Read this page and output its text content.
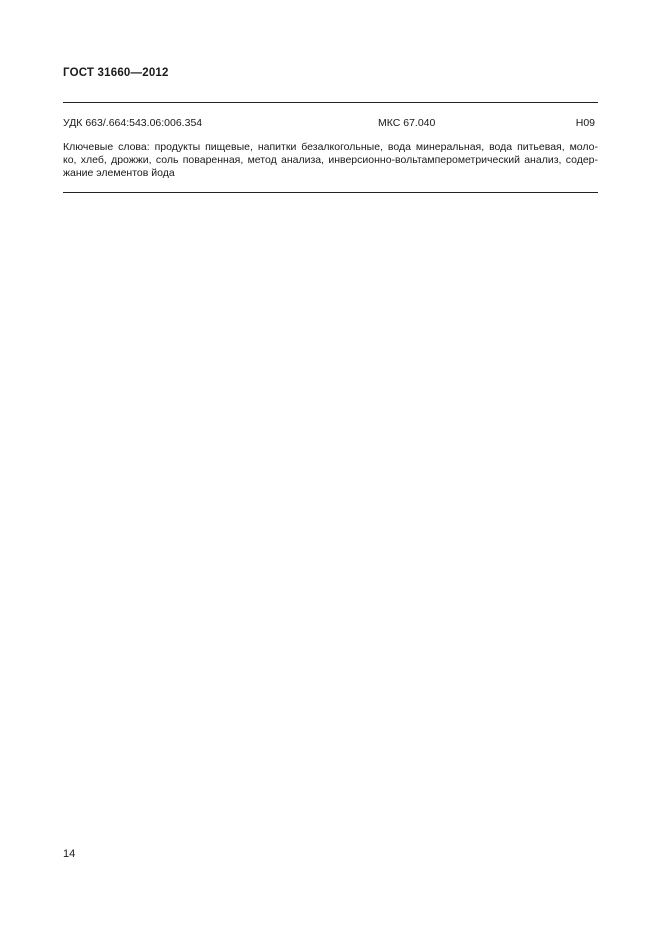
ГОСТ 31660—2012
УДК 663/.664:543.06:006.354	МКС 67.040	Н09
Ключевые слова: продукты пищевые, напитки безалкогольные, вода минеральная, вода питьевая, моло-
ко, хлеб, дрожжи, соль поваренная, метод анализа, инверсионно-вольтамперометрический анализ, содер-
жание элементов йода
14
